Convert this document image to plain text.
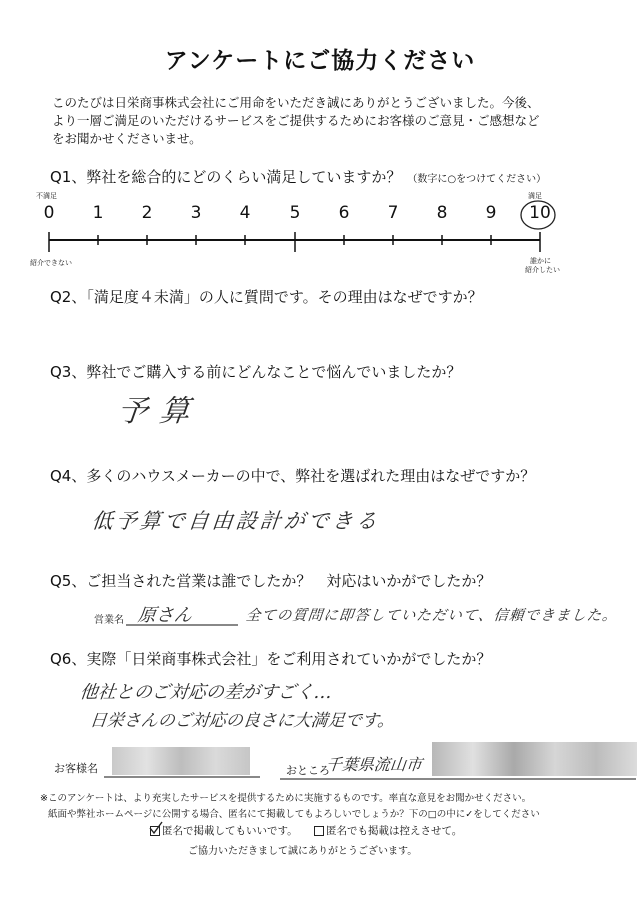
アンケートにご協力ください
このたびは日栄商事株式会社にご用命をいただき誠にありがとうございました。今後、
より一層ご満足のいただけるサービスをご提供するためにお客様のご意見・ご感想など
をお聞かせくださいませ。
Q1、弊社を総合的にどのくらい満足していますか？ （数字に○をつけてください）
不満足	満足
0	1	2	3	4	5	6	7	8	9	10
紹介できない	誰かに
紹介したい
Q2、「満足度４未満」の人に質問です。その理由はなぜですか？
Q3、弊社でご購入する前にどんなことで悩んでいましたか？
予算
Q4、多くのハウスメーカーの中で、弊社を選ばれた理由はなぜですか？
低予算で自由設計ができる
Q5、ご担当された営業は誰でしたか？　対応はいかがでしたか？
営業名 原さん	全ての質問に即答していただいて、信頼できました。
Q6、実際「日栄商事株式会社」をご利用されていかがでしたか？
他社とのご対応の差がすごく…
日栄さんのご対応の良さに大満足です。
お客様名	おところ
千葉県流山市
※このアンケートは、より充実したサービスを提供するために実施するものです。率直な意見をお聞かせください。
紙面や弊社ホームページに公開する場合、匿名にて掲載してもよろしいでしょうか？下の□の中に✓をしてください
匿名で掲載してもいいです。	匿名でも掲載は控えさせて。
ご協力いただきまして誠にありがとうございます。
